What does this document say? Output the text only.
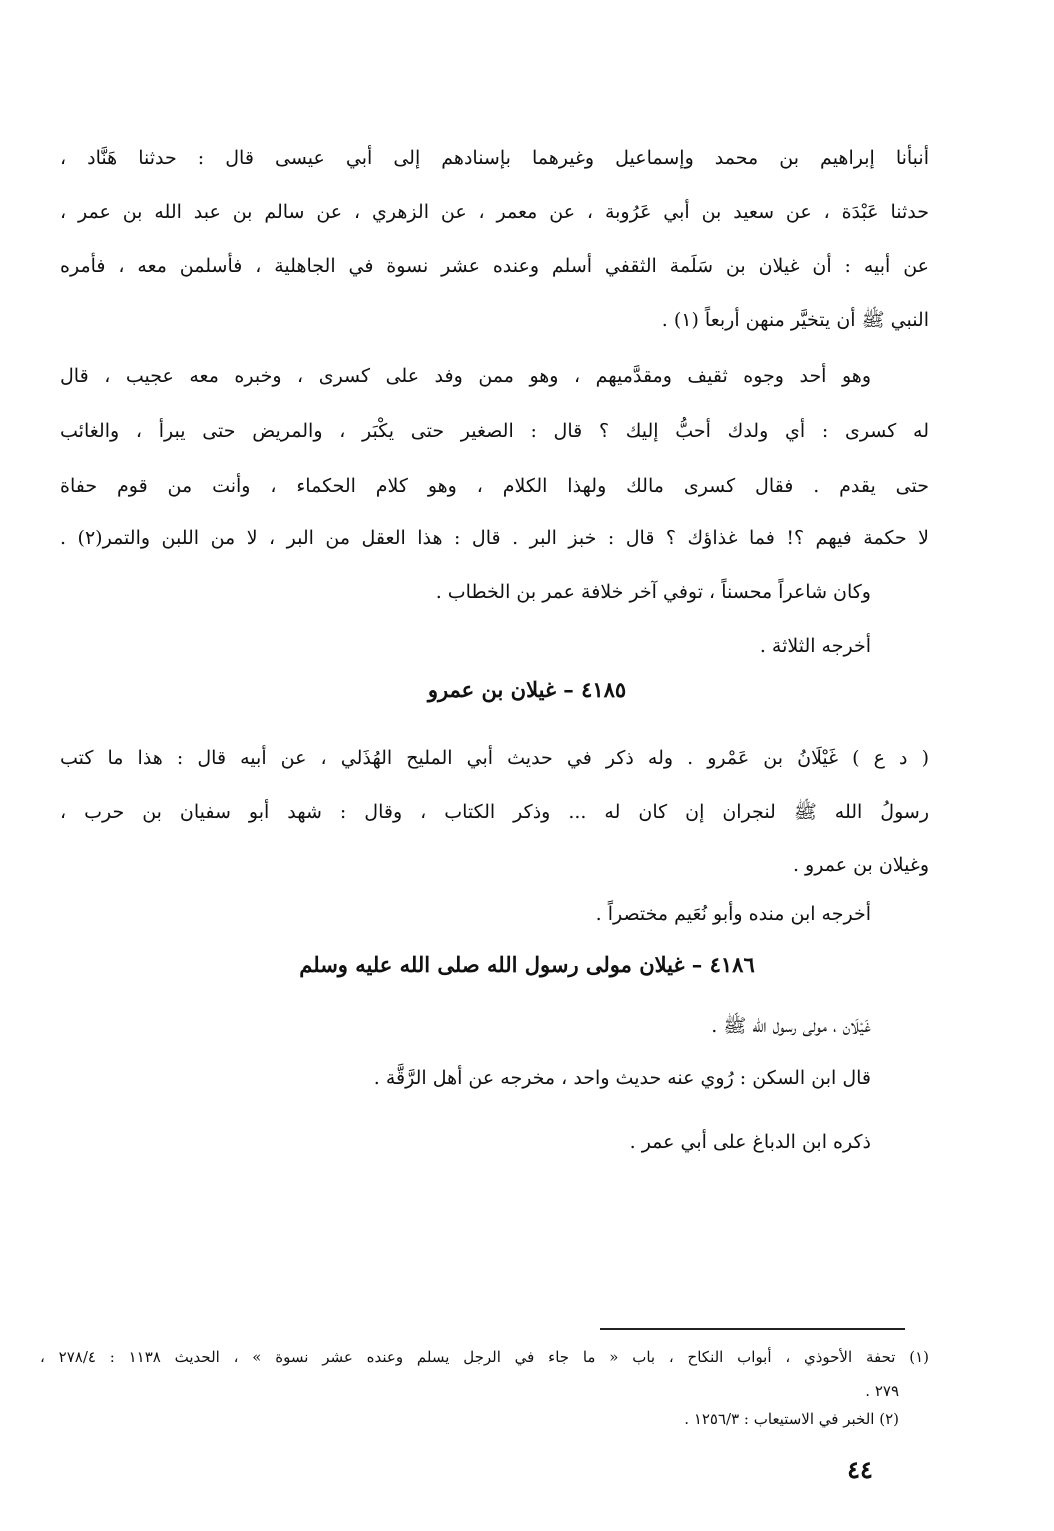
أنبأنا إبراهيم بن محمد وإسماعيل وغيرهما بإسنادهم إلى أبي عيسى قال : حدثنا هَنَّاد ،
حدثنا عَبْدَة ، عن سعيد بن أبي عَرُوبة ، عن معمر ، عن الزهري ، عن سالم بن عبد الله بن عمر ،
عن أبيه : أن غيلان بن سَلَمة الثقفي أسلم وعنده عشر نسوة في الجاهلية ، فأسلمن معه ، فأمره
النبي ﷺ أن يتخيَّر منهن أربعاً (١) .
وهو أحد وجوه ثقيف ومقدَّميهم ، وهو ممن وفد على كسرى ، وخبره معه عجيب ، قال
له كسرى : أي ولدك أحبُّ إليك ؟ قال : الصغير حتى يكْبَر ، والمريض حتى يبرأ ، والغائب
حتى يقدم . فقال كسرى مالك ولهذا الكلام ، وهو كلام الحكماء ، وأنت من قوم حفاة
لا حكمة فيهم ؟! فما غذاؤك ؟ قال : خبز البر . قال : هذا العقل من البر ، لا من اللبن والتمر(٢) .
وكان شاعراً محسناً ، توفي آخر خلافة عمر بن الخطاب .
أخرجه الثلاثة .
٤١٨٥ – غيلان بن عمرو
( د ع ) غَيْلَانُ بن عَمْرو . وله ذكر في حديث أبي المليح الهُذَلي ، عن أبيه قال : هذا ما كتب
رسولُ الله ﷺ لنجران إن كان له ... وذكر الكتاب ، وقال : شهد أبو سفيان بن حرب ،
وغيلان بن عمرو .
أخرجه ابن منده وأبو نُعَيم مختصراً .
٤١٨٦ – غيلان مولى رسول الله صلى الله عليه وسلم
غَيْلَان ، مولى رسول الله ﷺ .
قال ابن السكن : رُوي عنه حديث واحد ، مخرجه عن أهل الرَّقَّة .
ذكره ابن الدباغ على أبي عمر .
(١) تحفة الأحوذي ، أبواب النكاح ، باب « ما جاء في الرجل يسلم وعنده عشر نسوة » ، الحديث ١١٣٨ : ٢٧٨/٤ ،
٢٧٩ .
(٢) الخبر في الاستيعاب : ١٢٥٦/٣ .
٤٤
